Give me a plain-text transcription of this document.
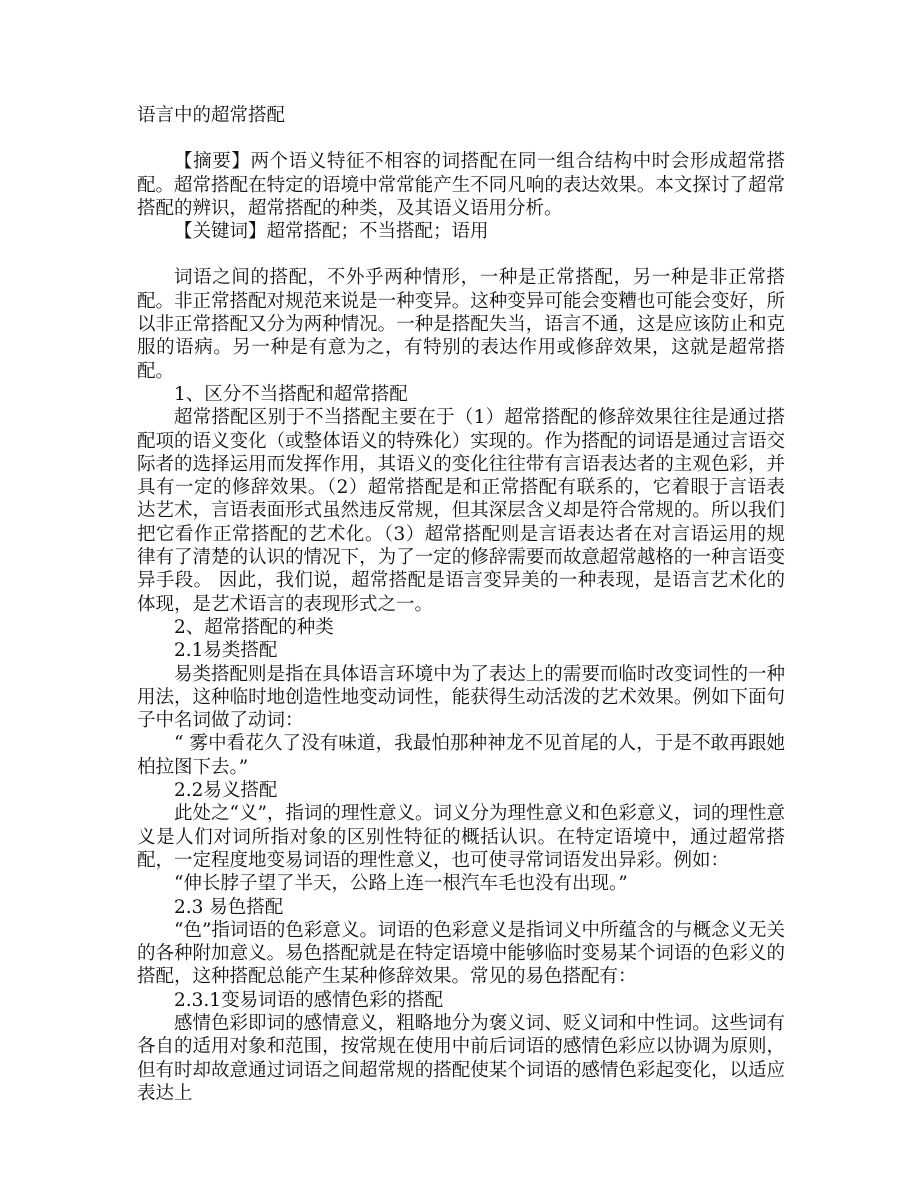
语言中的超常搭配

【摘要】两个语义特征不相容的词搭配在同一组合结构中时会形成超常搭配。超常搭配在特定的语境中常常能产生不同凡响的表达效果。本文探讨了超常搭配的辨识，超常搭配的种类，及其语义语用分析。

【关键词】超常搭配；不当搭配；语用

词语之间的搭配，不外乎两种情形，一种是正常搭配，另一种是非正常搭配。非正常搭配对规范来说是一种变异。这种变异可能会变糟也可能会变好，所以非正常搭配又分为两种情况。一种是搭配失当，语言不通，这是应该防止和克服的语病。另一种是有意为之，有特别的表达作用或修辞效果，这就是超常搭配。

1、区分不当搭配和超常搭配

超常搭配区别于不当搭配主要在于（1）超常搭配的修辞效果往往是通过搭配项的语义变化（或整体语义的特殊化）实现的。作为搭配的词语是通过言语交际者的选择运用而发挥作用，其语义的变化往往带有言语表达者的主观色彩，并具有一定的修辞效果。（2）超常搭配是和正常搭配有联系的，它着眼于言语表达艺术，言语表面形式虽然违反常规，但其深层含义却是符合常规的。所以我们把它看作正常搭配的艺术化。（3）超常搭配则是言语表达者在对言语运用的规律有了清楚的认识的情况下，为了一定的修辞需要而故意超常越格的一种言语变异手段。 因此，我们说，超常搭配是语言变异美的一种表现，是语言艺术化的体现，是艺术语言的表现形式之一。

2、超常搭配的种类

2.1易类搭配

易类搭配则是指在具体语言环境中为了表达上的需要而临时改变词性的一种用法，这种临时地创造性地变动词性，能获得生动活泼的艺术效果。例如下面句子中名词做了动词：

“ 雾中看花久了没有味道，我最怕那种神龙不见首尾的人，于是不敢再跟她柏拉图下去。”

2.2易义搭配

此处之“义”，指词的理性意义。词义分为理性意义和色彩意义，词的理性意义是人们对词所指对象的区别性特征的概括认识。在特定语境中，通过超常搭配，一定程度地变易词语的理性意义，也可使寻常词语发出异彩。例如：

“伸长脖子望了半天，公路上连一根汽车毛也没有出现。”

2.3 易色搭配

“色”指词语的色彩意义。词语的色彩意义是指词义中所蕴含的与概念义无关的各种附加意义。易色搭配就是在特定语境中能够临时变易某个词语的色彩义的搭配，这种搭配总能产生某种修辞效果。常见的易色搭配有：

2.3.1变易词语的感情色彩的搭配

感情色彩即词的感情意义，粗略地分为褒义词、贬义词和中性词。这些词有各自的适用对象和范围，按常规在使用中前后词语的感情色彩应以协调为原则，但有时却故意通过词语之间超常规的搭配使某个词语的感情色彩起变化，以适应表达上
